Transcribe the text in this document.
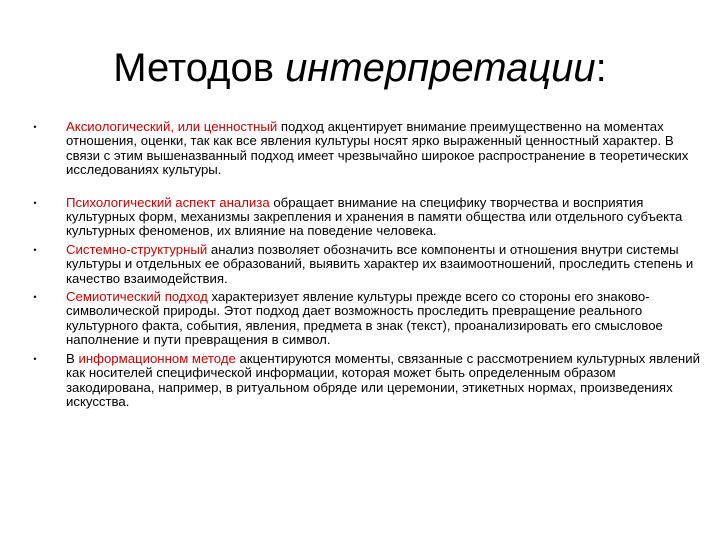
Методов интерпретации:
• Аксиологический, или ценностный подход акцентирует внимание преимущественно на моментах отношения, оценки, так как все явления культуры носят ярко выраженный ценностный характер. В связи с этим вышеназванный подход имеет чрезвычайно широкое распространение в теоретических исследованиях культуры.
• Психологический аспект анализа обращает внимание на специфику творчества и восприятия культурных форм, механизмы закрепления и хранения в памяти общества или отдельного субъекта культурных феноменов, их влияние на поведение человека.
• Системно-структурный анализ позволяет обозначить все компоненты и отношения внутри системы культуры и отдельных ее образований, выявить характер их взаимоотношений, проследить степень и качество взаимодействия.
• Семиотический подход характеризует явление культуры прежде всего со стороны его знаково-символической природы. Этот подход дает возможность проследить превращение реального культурного факта, события, явления, предмета в знак (текст), проанализировать его смысловое наполнение и пути превращения в символ.
• В информационном методе акцентируются моменты, связанные с рассмотрением культурных явлений как носителей специфической информации, которая может быть определенным образом закодирована, например, в ритуальном обряде или церемонии, этикетных нормах, произведениях искусства.
